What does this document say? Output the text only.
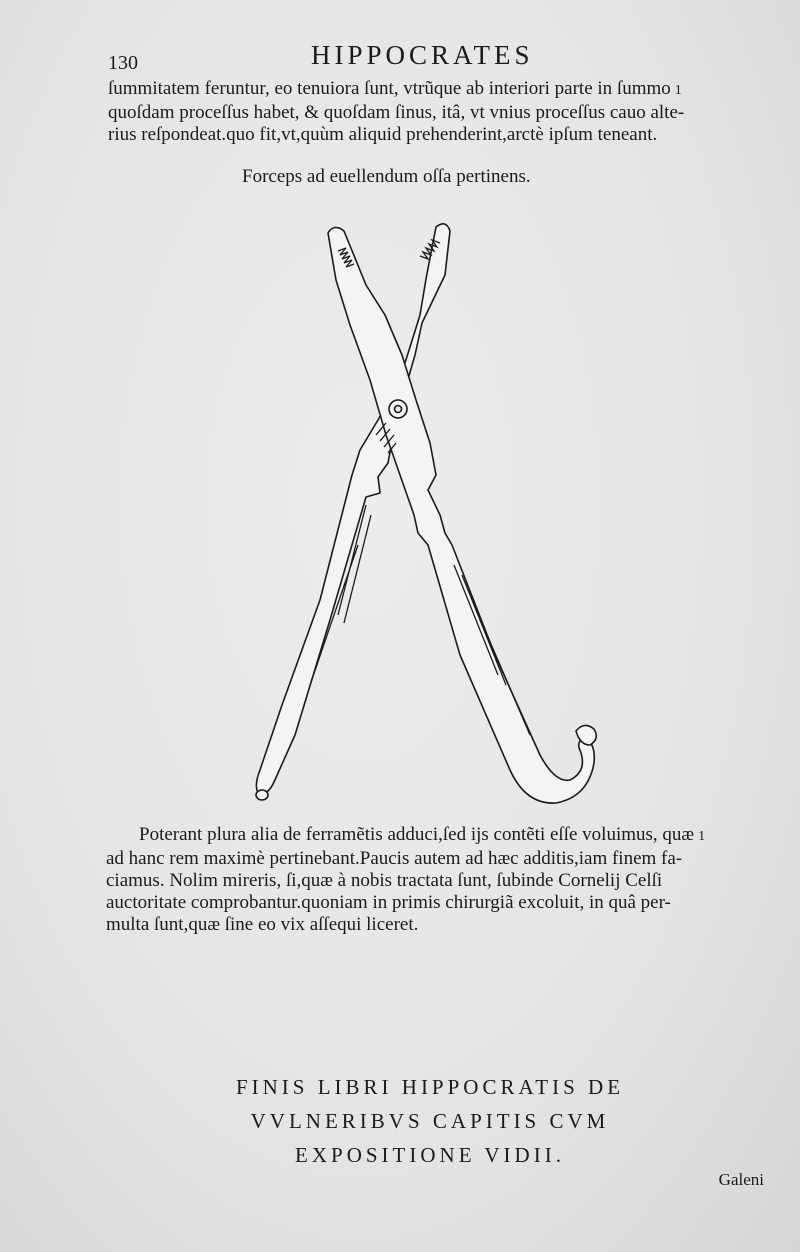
130	HIPPOCRATES
ſummitatem feruntur, eo tenuiora ſunt, vtrũque ab interiori parte in ſummo 1
quoſdam proceſſus habet, & quoſdam ſinus, itâ, vt vnius proceſſus cauo alte-
rius reſpondeat.quo fit,vt,quùm aliquid prehenderint,arctè ipſum teneant.
Forceps ad euellendum oſſa pertinens.
Poterant plura alia de ferramẽtis adduci,ſed ijs contẽti eſſe voluimus, quæ 1
ad hanc rem maximè pertinebant.Paucis autem ad hæc additis,iam finem fa-
ciamus. Nolim mireris, ſi,quæ à nobis tractata ſunt, ſubinde Cornelij Celſi
auctoritate comprobantur.quoniam in primis chirurgiã excoluit, in quâ per-
multa ſunt,quæ ſine eo vix aſſequi liceret.
FINIS LIBRI HIPPOCRATIS DE
VVLNERIBVS CAPITIS CVM
EXPOSITIONE VIDII.
Galeni
